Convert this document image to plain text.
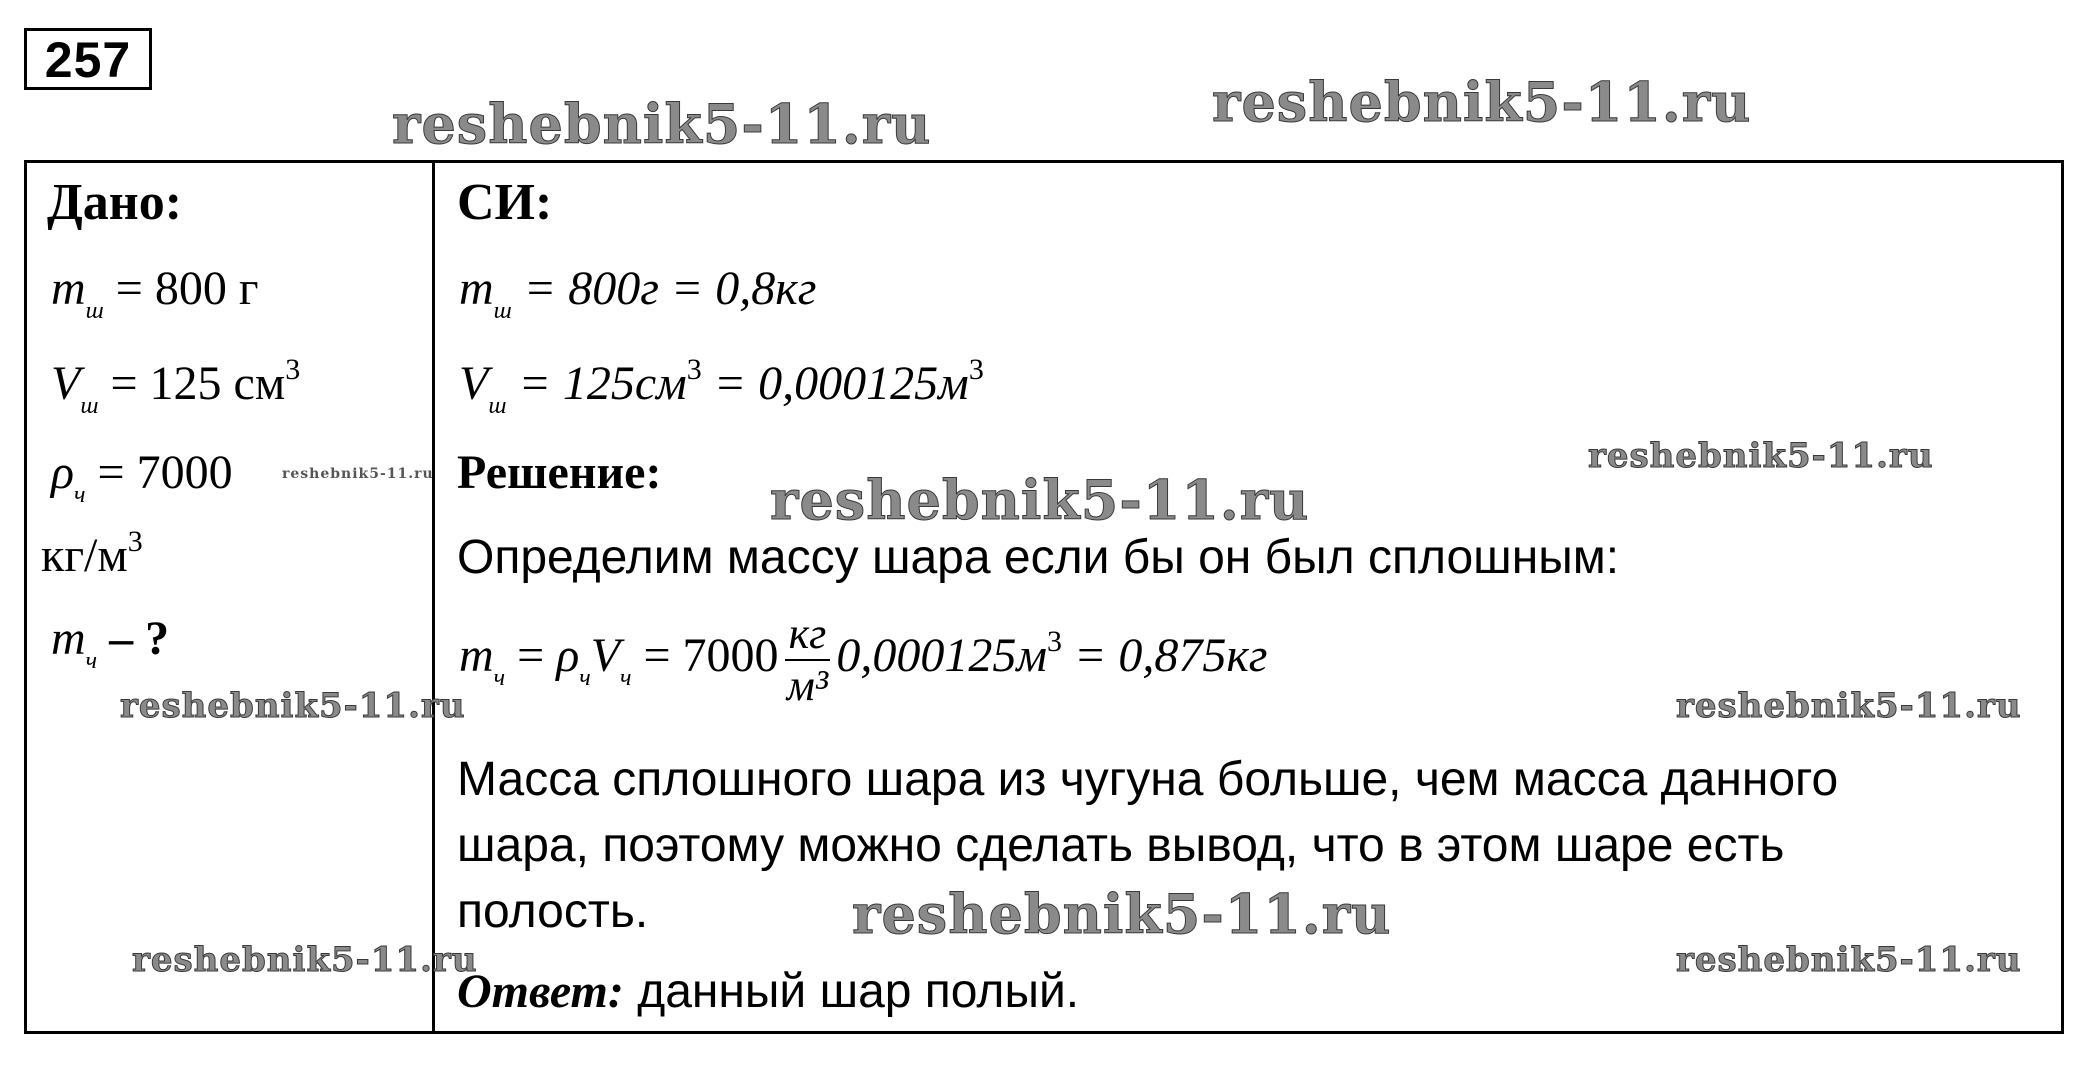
257
Дано:
$m_ш = 800$ г
$V_ш = 125$ $см^3$
$\rho_ч = 7000$
$кг/м^3$
$m_ч$ – ?
СИ:
$m_ш = 800г = 0,8кг$
$V_ш = 125см^3 = 0,000125м^3$
Решение:
Определим массу шара если бы он был сплошным:
$m_ч = \rho_чV_ч = 7000 \frac{кг}{\text{м³}} 0,000125м^3 = 0,875кг$
Масса сплошного шара из чугуна больше, чем масса данного
шара, поэтому можно сделать вывод, что в этом шаре есть
полость.
Ответ: данный шар полый.
reshebnik5-11.ru	reshebnik5-11.ru
reshebnik5-11.ru
reshebnik5-11.ru
reshebnik5-11.ru
reshebnik5-11.ru	reshebnik5-11.ru
reshebnik5-11.ru
reshebnik5-11.ru	reshebnik5-11.ru
